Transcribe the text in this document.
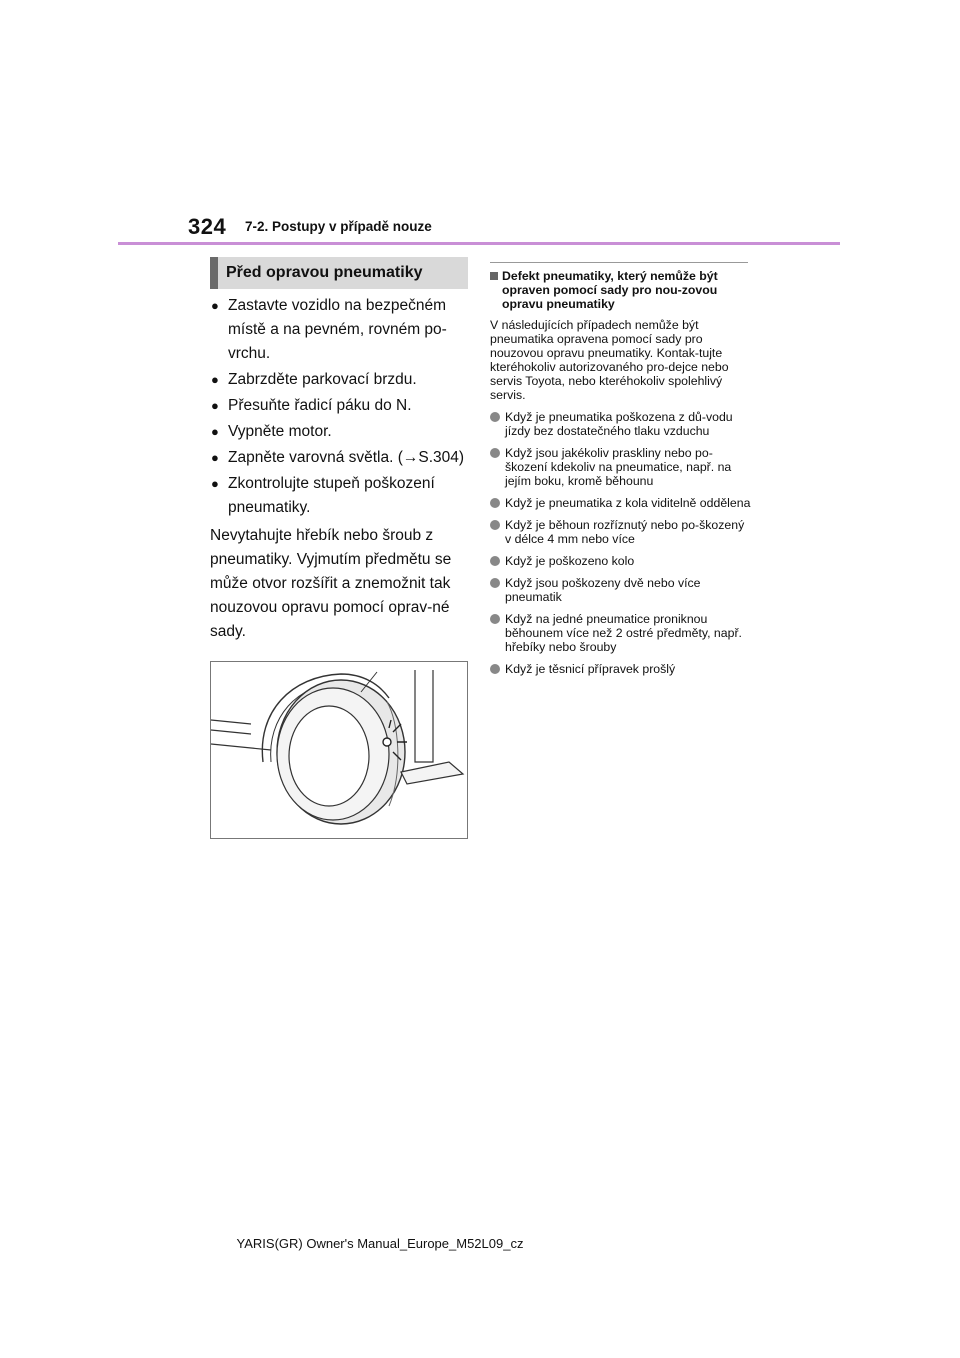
324 7-2. Postupy v případě nouze
Před opravou pneumatiky
● Zastavte vozidlo na bezpečném místě a na pevném, rovném po-vrchu.
● Zabrzděte parkovací brzdu.
● Přesuňte řadicí páku do N.
● Vypněte motor.
● Zapněte varovná světla. (→S.304)
● Zkontrolujte stupeň poškození pneumatiky.
Nevytahujte hřebík nebo šroub z pneumatiky. Vyjmutím předmětu se může otvor rozšířit a znemožnit tak nouzovou opravu pomocí oprav-né sady.
Defekt pneumatiky, který nemůže být opraven pomocí sady pro nou-zovou opravu pneumatiky
V následujících případech nemůže být pneumatika opravena pomocí sady pro nouzovou opravu pneumatiky. Kontak-tujte kteréhokoliv autorizovaného pro-dejce nebo servis Toyota, nebo kteréhokoliv spolehlivý servis.
Když je pneumatika poškozena z dů-vodu jízdy bez dostatečného tlaku vzduchu
Když jsou jakékoliv praskliny nebo po-škození kdekoliv na pneumatice, např. na jejím boku, kromě běhounu
Když je pneumatika z kola viditelně oddělena
Když je běhoun rozříznutý nebo po-škozený v délce 4 mm nebo více
Když je poškozeno kolo
Když jsou poškozeny dvě nebo více pneumatik
Když na jedné pneumatice proniknou běhounem více než 2 ostré předměty, např. hřebíky nebo šrouby
Když je těsnicí přípravek prošlý
YARIS(GR) Owner's Manual_Europe_M52L09_cz
